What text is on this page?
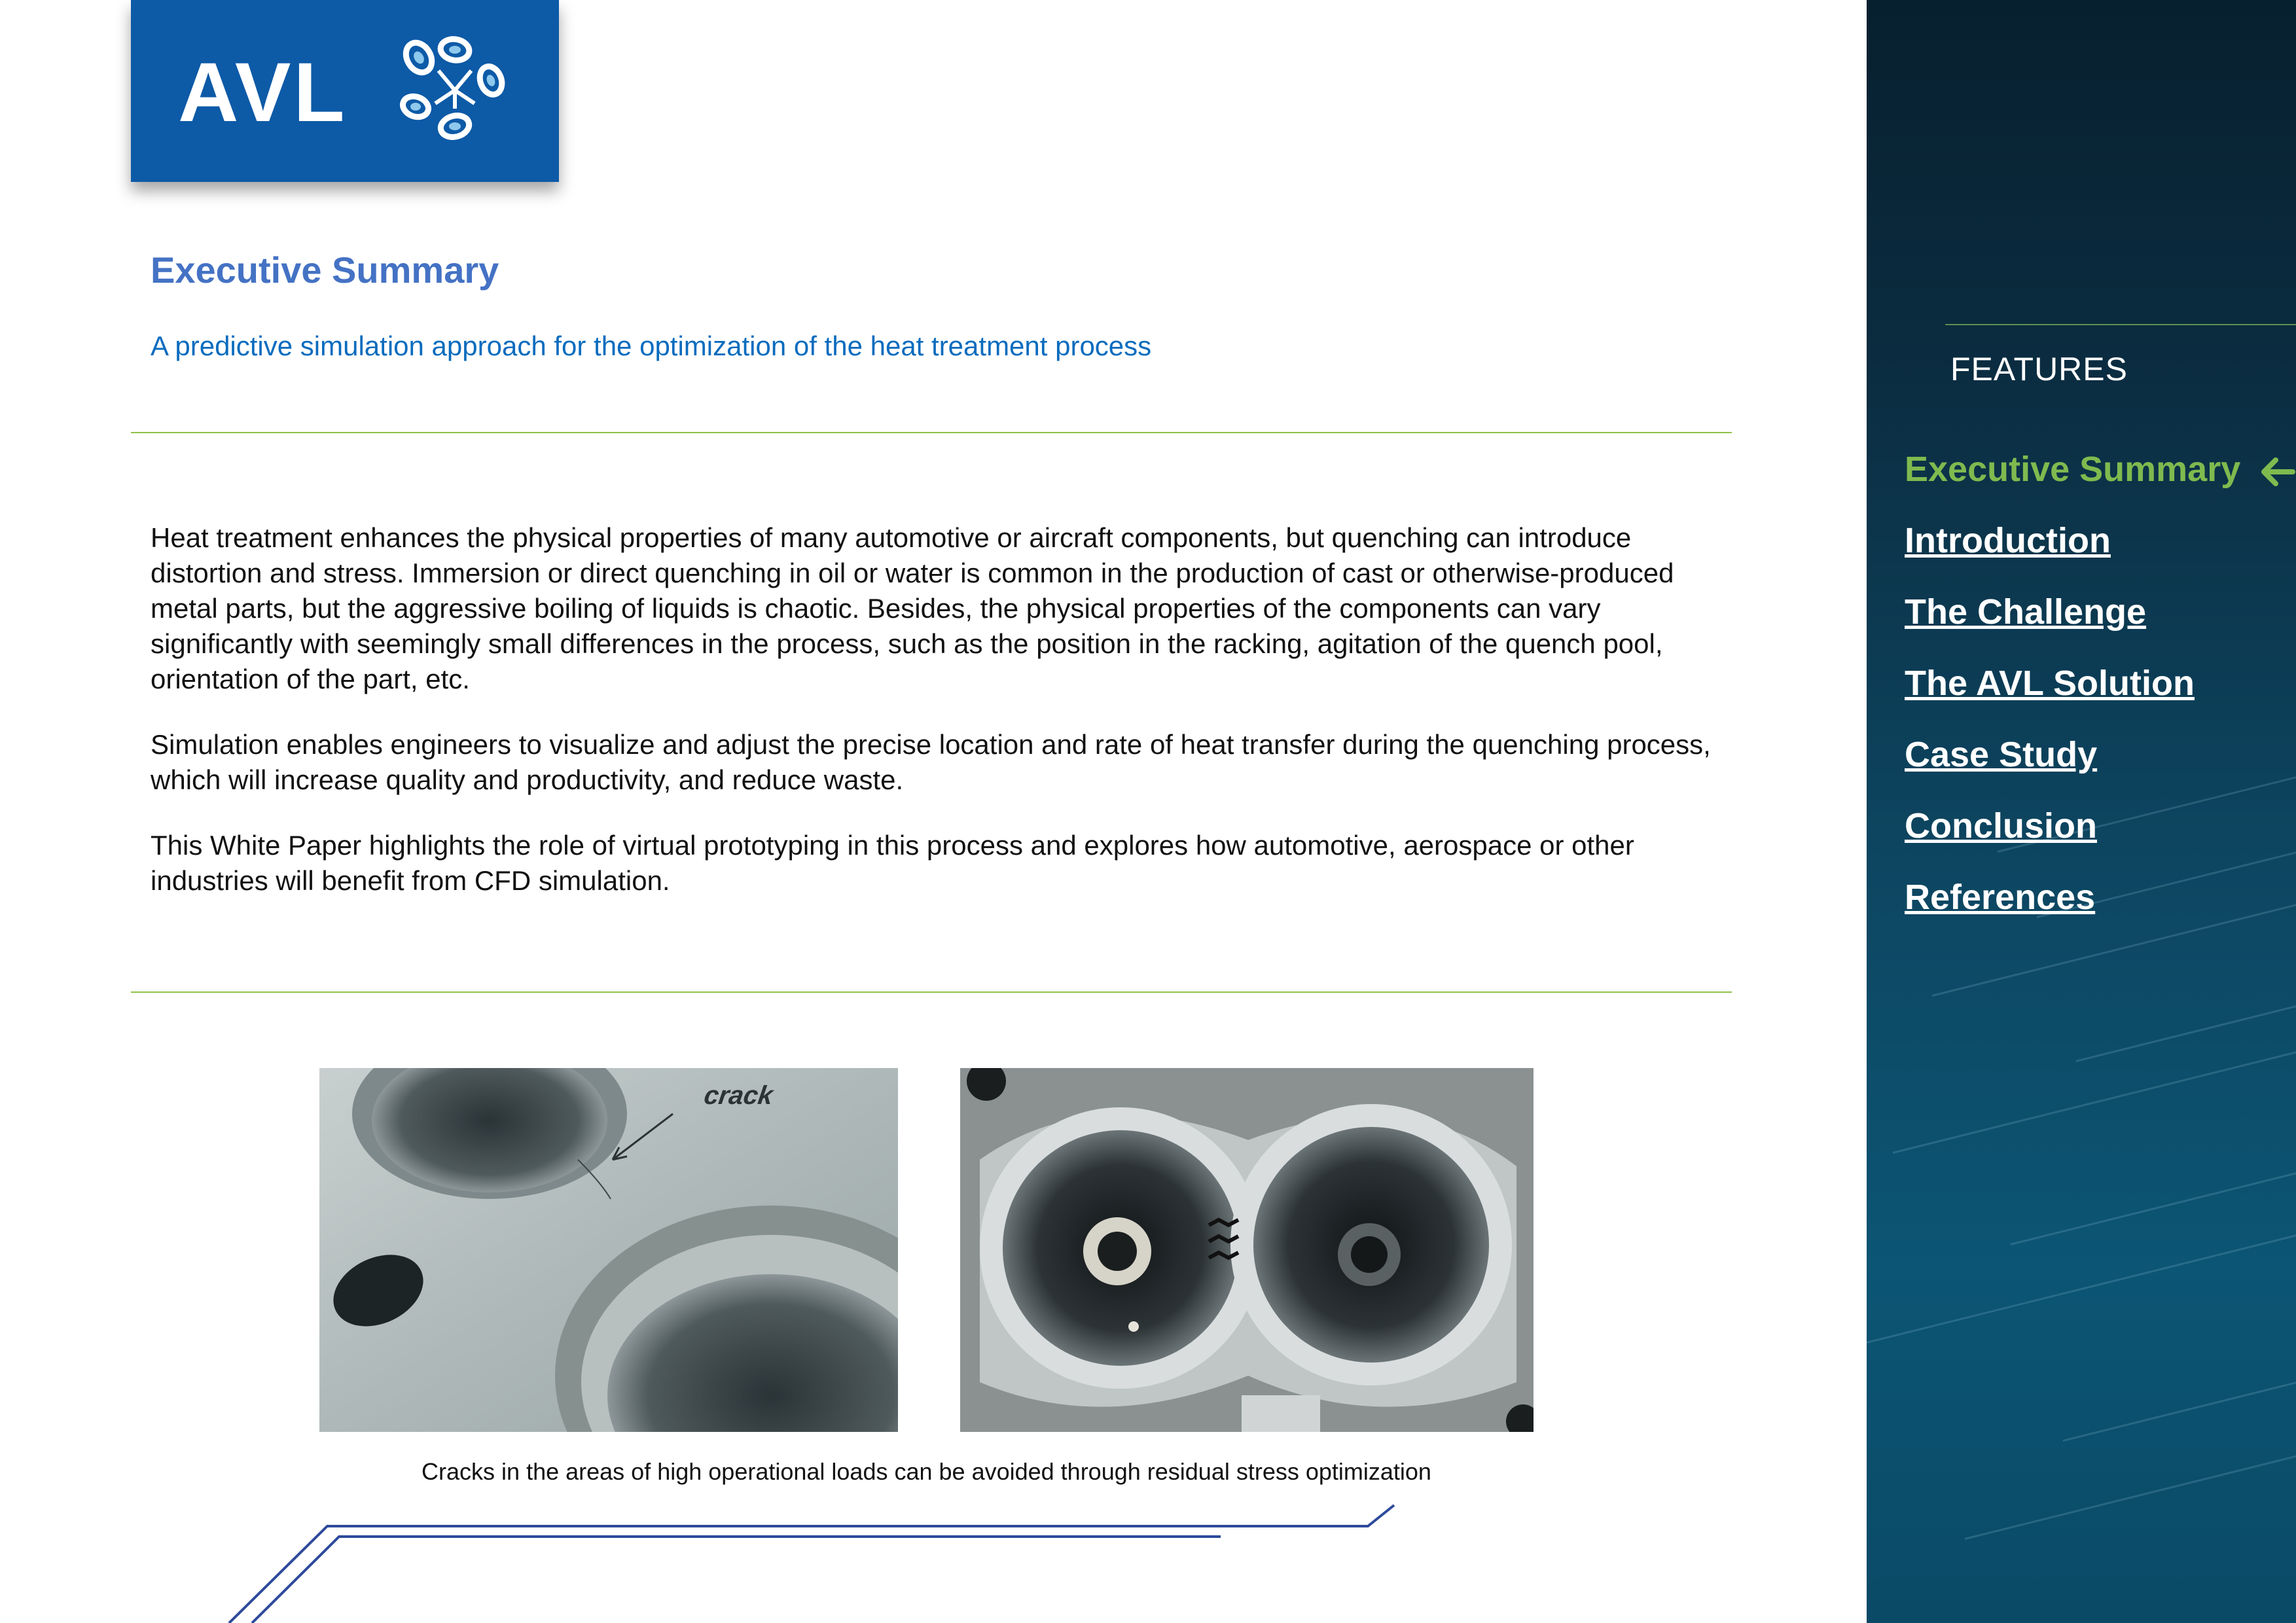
AVL
Executive Summary
A predictive simulation approach for the optimization of the heat treatment process

Heat treatment enhances the physical properties of many automotive or aircraft components, but quenching can introduce distortion and stress. Immersion or direct quenching in oil or water is common in the production of cast or otherwise-produced metal parts, but the aggressive boiling of liquids is chaotic. Besides, the physical properties of the components can vary significantly with seemingly small differences in the process, such as the position in the racking, agitation of the quench pool, orientation of the part, etc.

Simulation enables engineers to visualize and adjust the precise location and rate of heat transfer during the quenching process, which will increase quality and productivity, and reduce waste.

This White Paper highlights the role of virtual prototyping in this process and explores how automotive, aerospace or other industries will benefit from CFD simulation.

crack
Cracks in the areas of high operational loads can be avoided through residual stress optimization
FEATURES
Executive Summary
Introduction
The Challenge
The AVL Solution
Case Study
Conclusion
References
